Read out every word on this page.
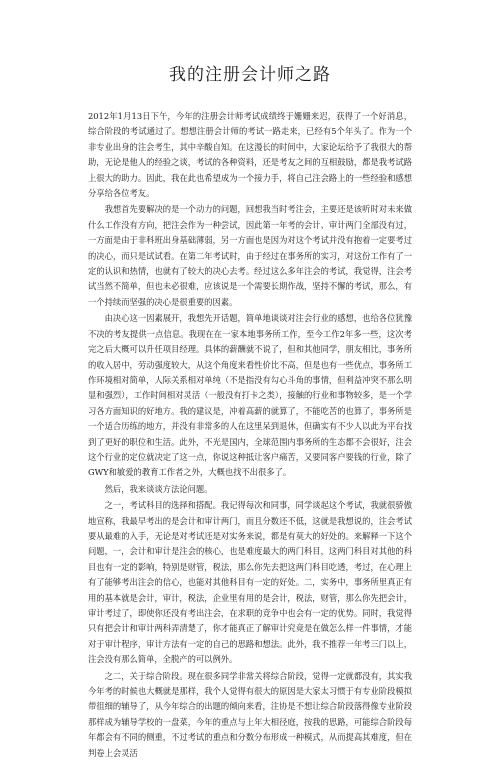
我的注册会计师之路

2012年1月13日下午，今年的注册会计师考试成绩终于姗姗来迟，获得了一个好消息，综合阶段的考试通过了。想想注册会计师的考试一路走来，已经有5个年头了。作为一个非专业出身的注会考生，其中辛酸自知。在这漫长的时间中，大家论坛给予了我很大的帮助，无论是他人的经验之谈，考试的各种资料，还是考友之间的互相鼓励，都是我考试路上很大的助力。因此，我在此也希望成为一个接力手，将自己注会路上的一些经验和感想分享给各位考友。

我想首先要解决的是一个动力的问题，回想我当时考注会，主要还是该听时对未来做什么工作没有方向，把注会作为一种尝试，因此第一年考的会计、审计两门全部没有过，一方面是由于非科班出身基础薄弱，另一方面也是因为对这个考试并没有抱着一定要考过的决心，而只是试试看。在第二年考试时，由于经过在事务所的实习，对这份工作有了一定的认识和热情，也就有了较大的决心去考。经过这么多年注会的考试，我觉得，注会考试当然不简单，但也未必很难，应该说是一个需要长期作战，坚持不懈的考试，那么，有一个持续而坚强的决心是很重要的因素。

由决心这一因素展开，我想先开话题，简单地谈谈对注会行业的感想，也给各位犹豫不决的考友提供一点信息。我现在在一家本地事务所工作，至今工作2年多一些，这次考完之后大概可以升任项目经理。具体的薪酬就不说了，但和其他同学，朋友相比，事务所的收入居中，劳动强度较大，从这个角度来看性价比不高，但是也有一些优点，事务所工作环境相对简单，人际关系相对单纯（不是指没有勾心斗角的事情，但利益冲突不那么明显和强烈），工作时间相对灵活（一般没有打卡之类），接触的行业和事物较多，是一个学习各方面知识的好地方。我的建议是，冲着高薪的就算了，不能吃苦的也算了，事务所是一个适合历练的地方，并没有非常多的人在这里呆到退休，但确实有不少人以此为平台找到了更好的职位和生活。此外，不光是国内，全球范围内事务所的生态都不会很好，注会这个行业的定位就决定了这一点，你说这种抵让客户痛苦，又要同客户要钱的行业，除了GWY和敏爱的教育工作者之外，大概也找不出很多了。

然后，我来谈谈方法论问题。

之一，考试科目的选择和搭配。我记得每次和同事，同学谈起这个考试，我就很骄傲地宣称，我最早考出的是会计和审计两门，而且分数还不低，这就是我想说的，注会考试要从最难的入手，无论是对考试还是对实务来说，都是有莫大的好处的。来解释一下这个问题，一，会计和审计是注会的核心，也是难度最大的两门科目，这两门科目对其他的科目也有一定的影响，特别是财管，税法，那么你先去把这两门科目吃透，考过，在心理上有了能够考出注会的信心，也能对其他科目有一定的好处。二，实务中，事务所里真正有用的基本就是会计，审计，税法，企业里有用的是会计，税法，财管，那么你先把会计，审计考过了，即使你还没有考出注会，在求职的竞争中也会有一定的优势。同时，我觉得只有把会计和审计两科弄清楚了，你才能真正了解审计究竟是在做怎么样一件事情，才能对于审计程序，审计方法有一定的自己的思路和想法。此外，我不推荐一年考三门以上，注会没有那么简单，全脱产的可以例外。

之二，关于综合阶段。现在很多同学非常关将综合阶段，觉得一定就都没有，其实我今年考的时候也大概就是那样，我个人觉得有很大的原因是大家太习惯于有专业阶段模拟带徂细的辅导了，从今年综合的出题的倾向来看，注协是不想让综合阶段落得像专业阶段那样成为辅导学校的一盘菜，今年的重点与上年大相径庭，按我的思路，可能综合阶段每年都会有不同的侧重，不过考试的重点和分数分布形成一种模式，从而提高其难度，但在判卷上会灵活
